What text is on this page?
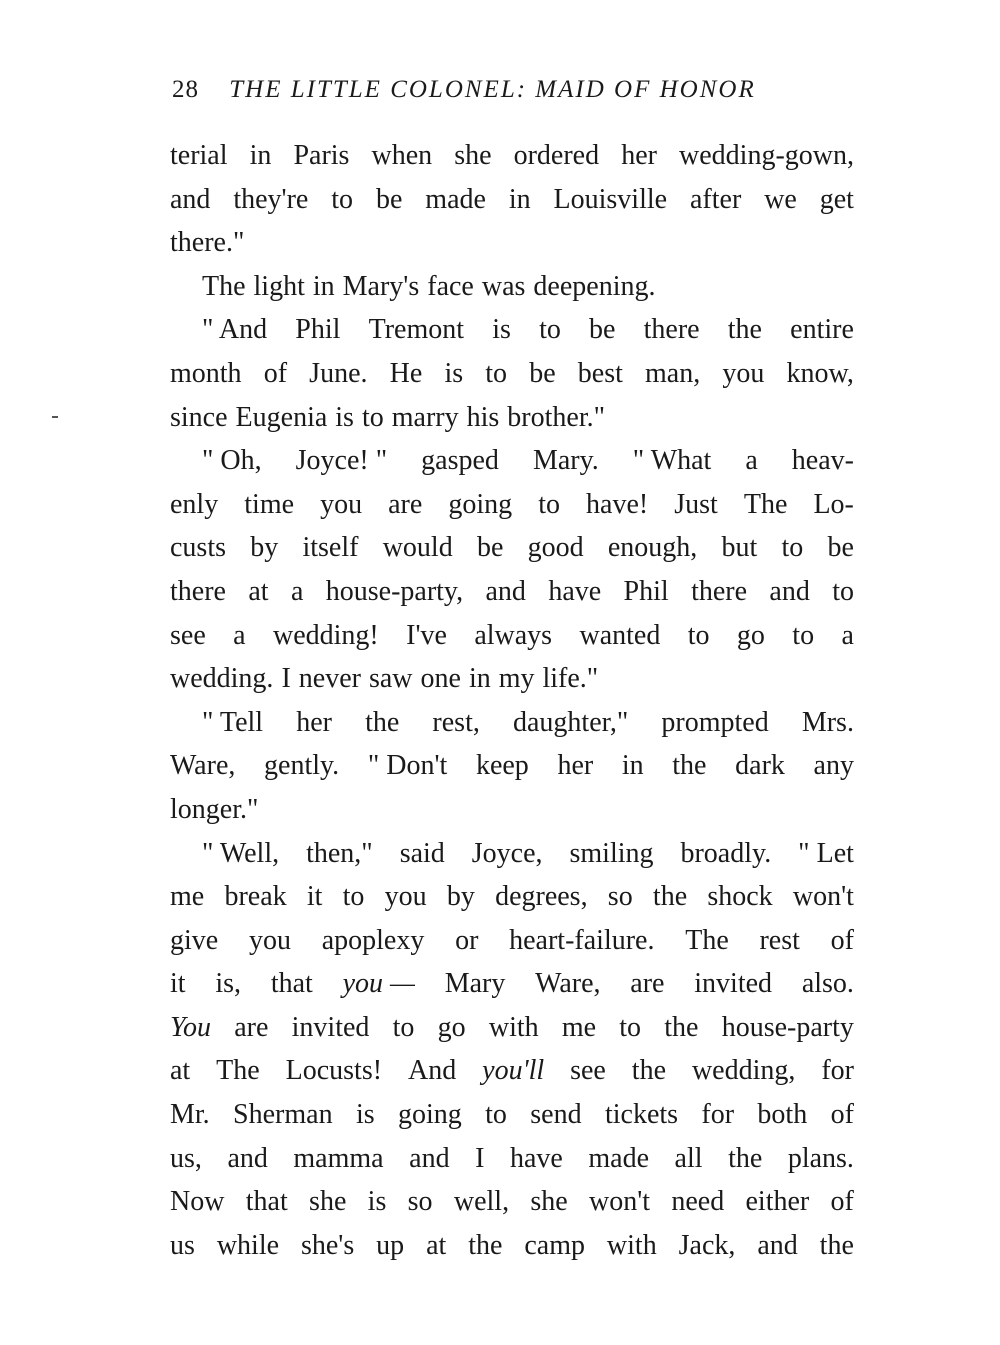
28 THE LITTLE COLONEL: MAID OF HONOR
terial in Paris when she ordered her wedding-gown,
and they're to be made in Louisville after we get
there."
The light in Mary's face was deepening.
" And Phil Tremont is to be there the entire
month of June. He is to be best man, you know,
since Eugenia is to marry his brother."
" Oh, Joyce! " gasped Mary. " What a heav-
enly time you are going to have! Just The Lo-
custs by itself would be good enough, but to be
there at a house-party, and have Phil there and to
see a wedding! I've always wanted to go to a
wedding. I never saw one in my life."
" Tell her the rest, daughter," prompted Mrs.
Ware, gently. " Don't keep her in the dark any
longer."
" Well, then," said Joyce, smiling broadly. " Let
me break it to you by degrees, so the shock won't
give you apoplexy or heart-failure. The rest of
it is, that you — Mary Ware, are invited also.
You are invited to go with me to the house-party
at The Locusts! And you'll see the wedding, for
Mr. Sherman is going to send tickets for both of
us, and mamma and I have made all the plans.
Now that she is so well, she won't need either of
us while she's up at the camp with Jack, and the
